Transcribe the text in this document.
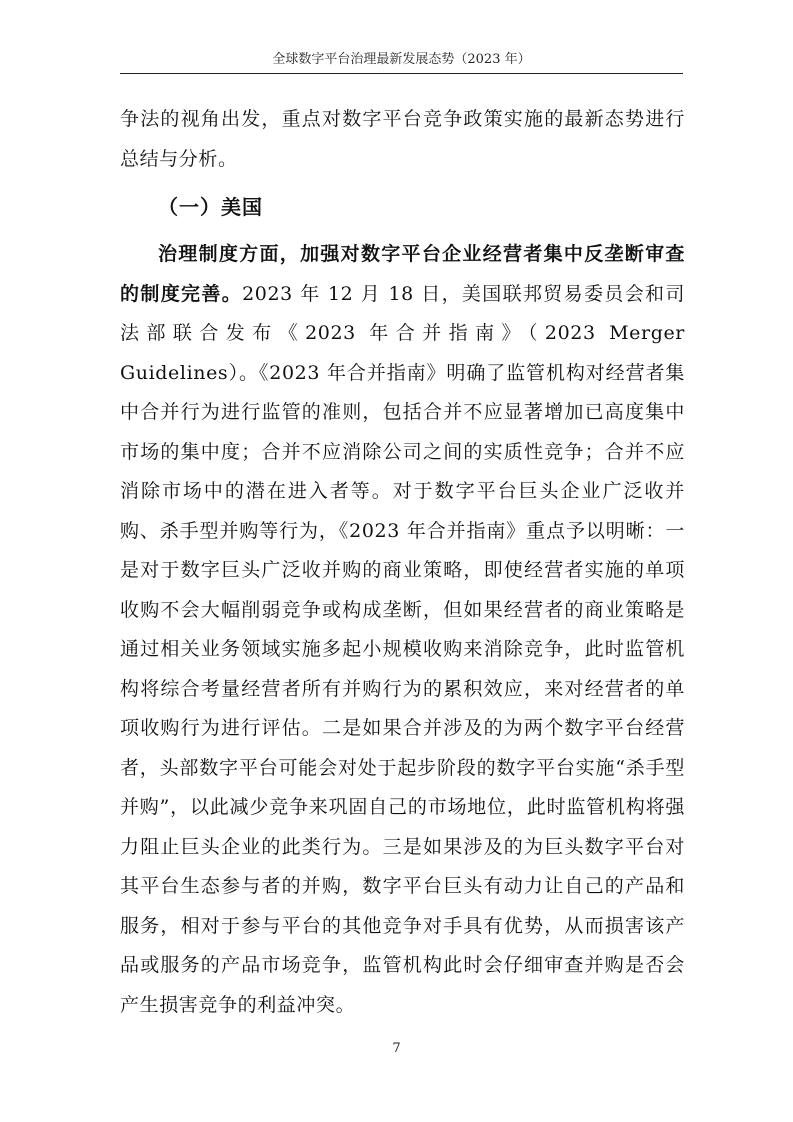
全球数字平台治理最新发展态势（2023 年）

争法的视角出发，重点对数字平台竞争政策实施的最新态势进行总结与分析。

（一）美国

治理制度方面，加强对数字平台企业经营者集中反垄断审查的制度完善。2023 年 12 月 18 日，美国联邦贸易委员会和司法部联合发布《2023 年合并指南》（2023 Merger Guidelines）。《2023 年合并指南》明确了监管机构对经营者集中合并行为进行监管的准则，包括合并不应显著增加已高度集中市场的集中度；合并不应消除公司之间的实质性竞争；合并不应消除市场中的潜在进入者等。对于数字平台巨头企业广泛收并购、杀手型并购等行为，《2023 年合并指南》重点予以明晰：一是对于数字巨头广泛收并购的商业策略，即使经营者实施的单项收购不会大幅削弱竞争或构成垄断，但如果经营者的商业策略是通过相关业务领域实施多起小规模收购来消除竞争，此时监管机构将综合考量经营者所有并购行为的累积效应，来对经营者的单项收购行为进行评估。二是如果合并涉及的为两个数字平台经营者，头部数字平台可能会对处于起步阶段的数字平台实施“杀手型并购”，以此减少竞争来巩固自己的市场地位，此时监管机构将强力阻止巨头企业的此类行为。三是如果涉及的为巨头数字平台对其平台生态参与者的并购，数字平台巨头有动力让自己的产品和服务，相对于参与平台的其他竞争对手具有优势，从而损害该产品或服务的产品市场竞争，监管机构此时会仔细审查并购是否会产生损害竞争的利益冲突。

7
